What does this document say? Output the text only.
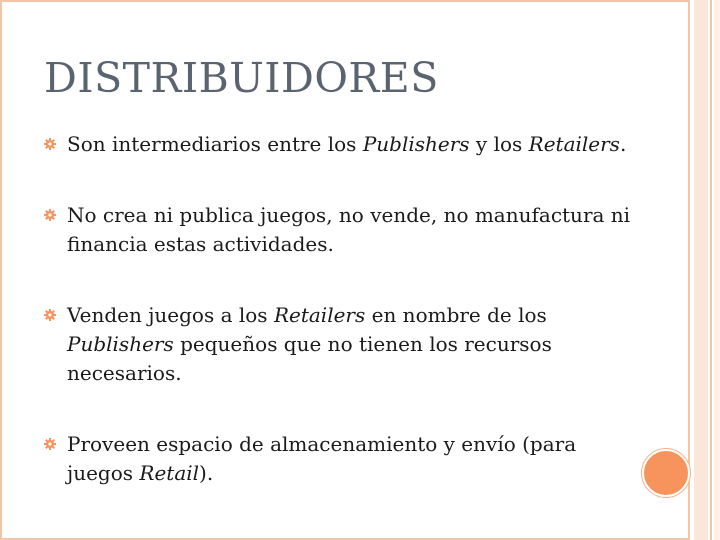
DISTRIBUIDORES
Son intermediarios entre los Publishers y los Retailers.
No crea ni publica juegos, no vende, no manufactura ni financia estas actividades.
Venden juegos a los Retailers en nombre de los Publishers pequeños que no tienen los recursos necesarios.
Proveen espacio de almacenamiento y envío (para juegos Retail).
